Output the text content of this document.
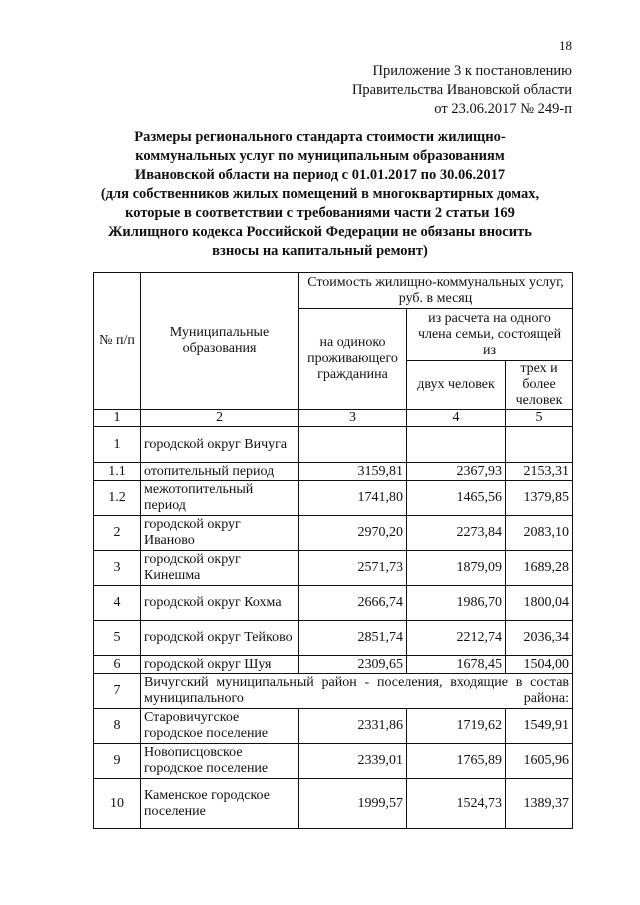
18
Приложение 3 к постановлению
Правительства Ивановской области
от 23.06.2017 № 249-п
Размеры регионального стандарта стоимости жилищно-
коммунальных услуг по муниципальным образованиям
Ивановской области на период с 01.01.2017 по 30.06.2017
(для собственников жилых помещений в многоквартирных домах,
которые в соответствии с требованиями части 2 статьи 169
Жилищного кодекса Российской Федерации не обязаны вносить
взносы на капитальный ремонт)
№ п/п	Муниципальные образования	Стоимость жилищно-коммунальных услуг, руб. в месяц		
		на одиноко проживающего гражданина	из расчета на одного члена семьи, состоящей из	
			двух человек	трех и более человек
1	2	3	4	5
1	городской округ Вичуга			
1.1	отопительный период	3159,81	2367,93	2153,31
1.2	межотопительный период	1741,80	1465,56	1379,85
2	городской округ Иваново	2970,20	2273,84	2083,10
3	городской округ Кинешма	2571,73	1879,09	1689,28
4	городской округ Кохма	2666,74	1986,70	1800,04
5	городской округ Тейково	2851,74	2212,74	2036,34
6	городской округ Шуя	2309,65	1678,45	1504,00
7	Вичугский муниципальный район - поселения, входящие в состав муниципального района:			
8	Старовичугское городское поселение	2331,86	1719,62	1549,91
9	Новописцовское городское поселение	2339,01	1765,89	1605,96
10	Каменское городское поселение	1999,57	1524,73	1389,37
